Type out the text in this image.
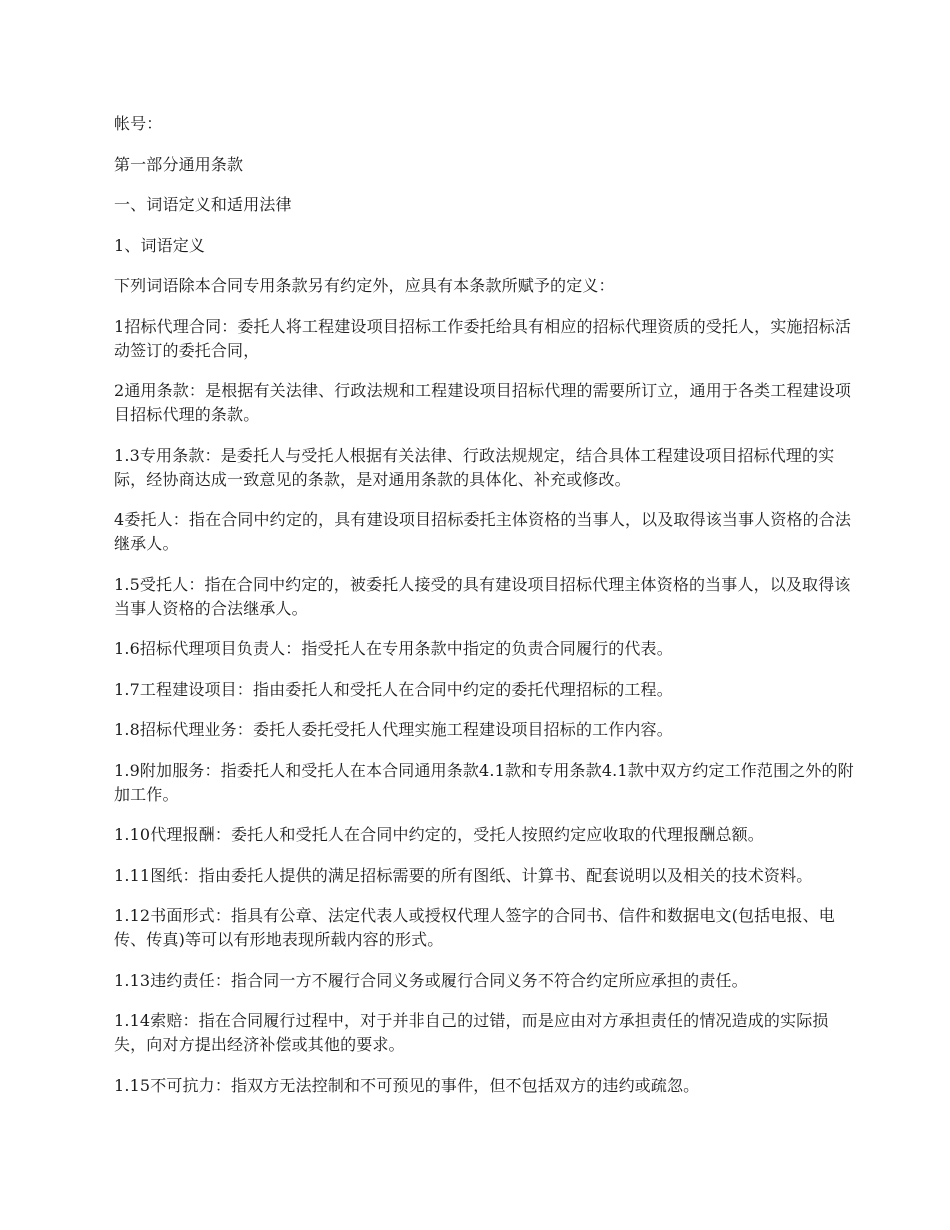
帐号：

第一部分通用条款

一、词语定义和适用法律

1、词语定义

下列词语除本合同专用条款另有约定外，应具有本条款所赋予的定义：

1招标代理合同：委托人将工程建设项目招标工作委托给具有相应的招标代理资质的受托人，实施招标活动签订的委托合同，

2通用条款：是根据有关法律、行政法规和工程建设项目招标代理的需要所订立，通用于各类工程建设项目招标代理的条款。

1.3专用条款：是委托人与受托人根据有关法律、行政法规规定，结合具体工程建设项目招标代理的实际，经协商达成一致意见的条款，是对通用条款的具体化、补充或修改。

4委托人：指在合同中约定的，具有建设项目招标委托主体资格的当事人，以及取得该当事人资格的合法继承人。

1.5受托人：指在合同中约定的，被委托人接受的具有建设项目招标代理主体资格的当事人，以及取得该当事人资格的合法继承人。

1.6招标代理项目负责人：指受托人在专用条款中指定的负责合同履行的代表。

1.7工程建设项目：指由委托人和受托人在合同中约定的委托代理招标的工程。

1.8招标代理业务：委托人委托受托人代理实施工程建设项目招标的工作内容。

1.9附加服务：指委托人和受托人在本合同通用条款4.1款和专用条款4.1款中双方约定工作范围之外的附加工作。

1.10代理报酬：委托人和受托人在合同中约定的，受托人按照约定应收取的代理报酬总额。

1.11图纸：指由委托人提供的满足招标需要的所有图纸、计算书、配套说明以及相关的技术资料。

1.12书面形式：指具有公章、法定代表人或授权代理人签字的合同书、信件和数据电文(包括电报、电传、传真)等可以有形地表现所载内容的形式。

1.13违约责任：指合同一方不履行合同义务或履行合同义务不符合约定所应承担的责任。

1.14索赔：指在合同履行过程中，对于并非自己的过错，而是应由对方承担责任的情况造成的实际损失，向对方提出经济补偿或其他的要求。

1.15不可抗力：指双方无法控制和不可预见的事件，但不包括双方的违约或疏忽。
